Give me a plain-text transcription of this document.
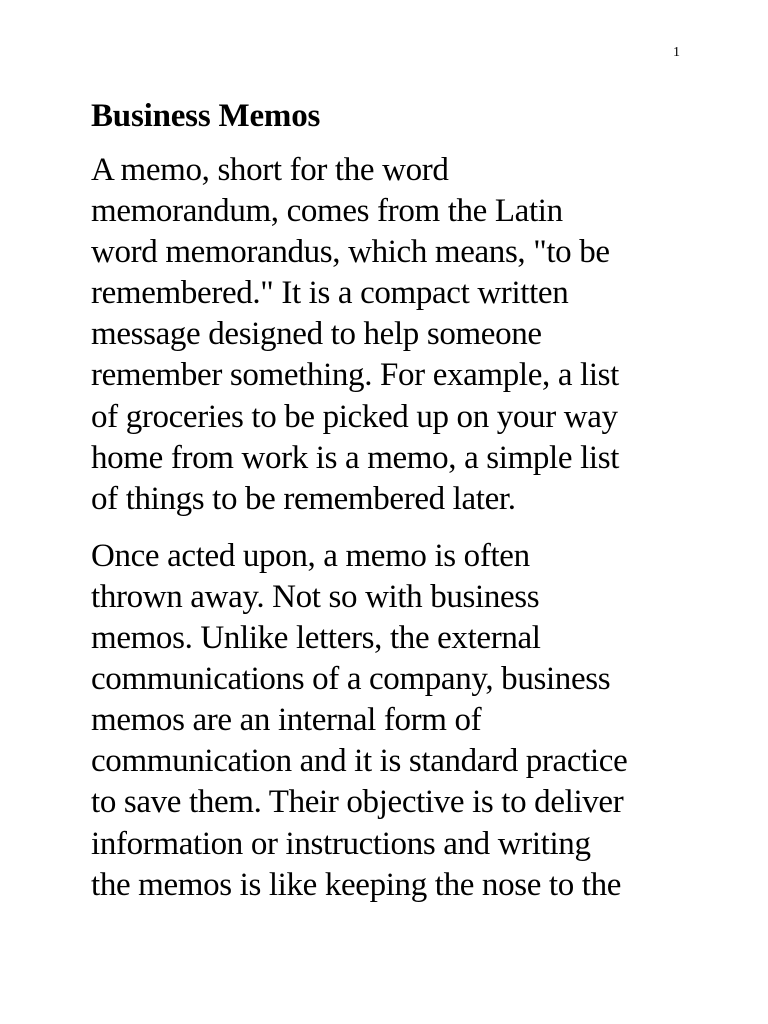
1
Business Memos

A memo, short for the word
memorandum, comes from the Latin
word memorandus, which means, "to be
remembered." It is a compact written
message designed to help someone
remember something. For example, a list
of groceries to be picked up on your way
home from work is a memo, a simple list
of things to be remembered later.

Once acted upon, a memo is often
thrown away. Not so with business
memos. Unlike letters, the external
communications of a company, business
memos are an internal form of
communication and it is standard practice
to save them. Their objective is to deliver
information or instructions and writing
the memos is like keeping the nose to the
